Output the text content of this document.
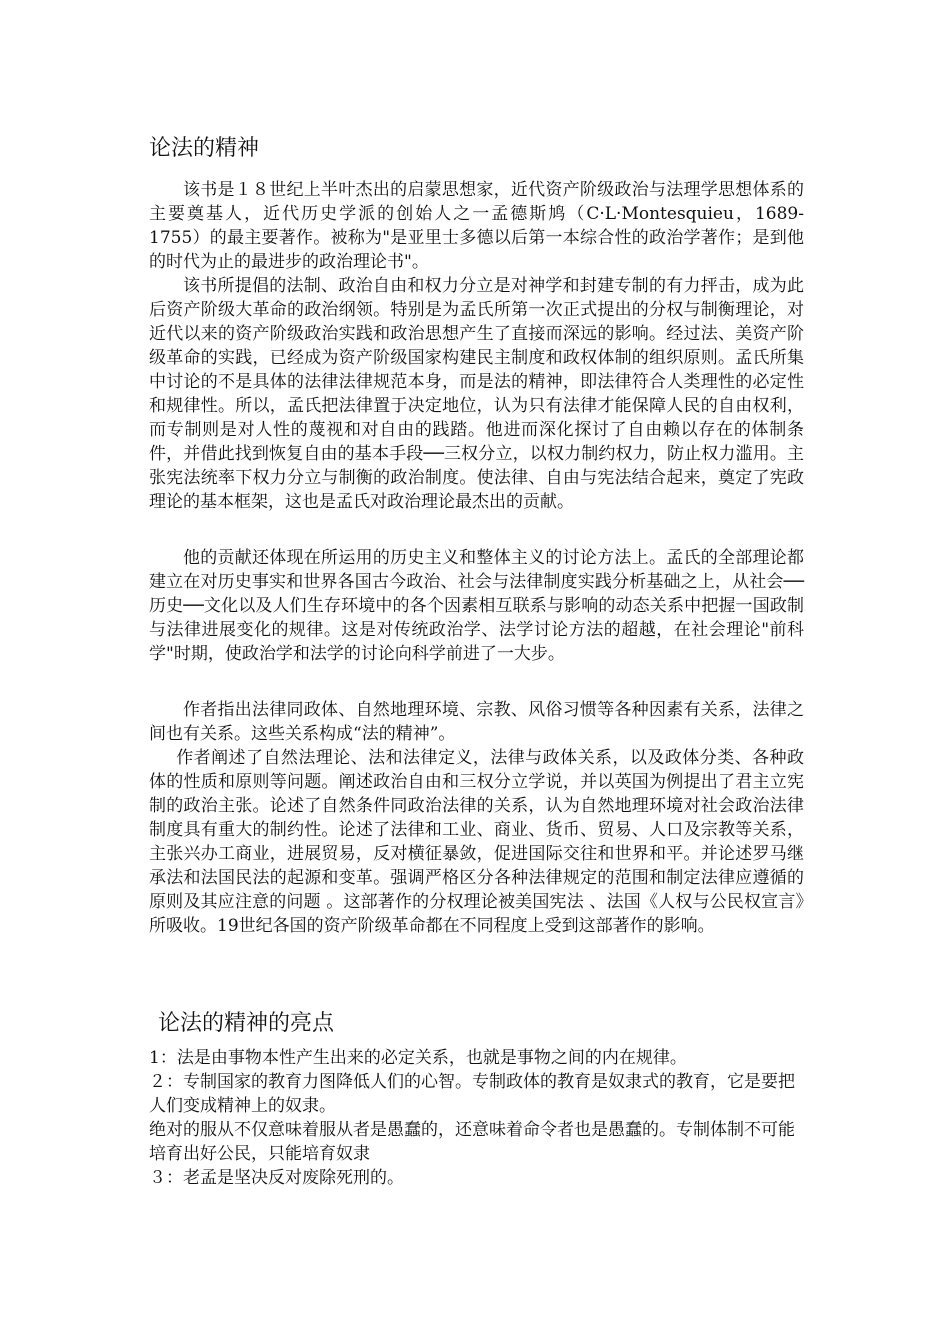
论法的精神

该书是１８世纪上半叶杰出的启蒙思想家，近代资产阶级政治与法理学思想体系的主要奠基人，近代历史学派的创始人之一孟德斯鸠（C·L·Montesquieu，1689-1755）的最主要著作。被称为"是亚里士多德以后第一本综合性的政治学著作；是到他的时代为止的最进步的政治理论书"。

该书所提倡的法制、政治自由和权力分立是对神学和封建专制的有力抨击，成为此后资产阶级大革命的政治纲领。特别是为孟氏所第一次正式提出的分权与制衡理论，对近代以来的资产阶级政治实践和政治思想产生了直接而深远的影响。经过法、美资产阶级革命的实践，已经成为资产阶级国家构建民主制度和政权体制的组织原则。孟氏所集中讨论的不是具体的法律法律规范本身，而是法的精神，即法律符合人类理性的必定性和规律性。所以，孟氏把法律置于决定地位，认为只有法律才能保障人民的自由权利，而专制则是对人性的蔑视和对自由的践踏。他进而深化探讨了自由赖以存在的体制条件，并借此找到恢复自由的基本手段──三权分立，以权力制约权力，防止权力滥用。主张宪法统率下权力分立与制衡的政治制度。使法律、自由与宪法结合起来，奠定了宪政理论的基本框架，这也是孟氏对政治理论最杰出的贡献。

他的贡献还体现在所运用的历史主义和整体主义的讨论方法上。孟氏的全部理论都建立在对历史事实和世界各国古今政治、社会与法律制度实践分析基础之上，从社会──历史──文化以及人们生存环境中的各个因素相互联系与影响的动态关系中把握一国政制与法律进展变化的规律。这是对传统政治学、法学讨论方法的超越，在社会理论"前科学"时期，使政治学和法学的讨论向科学前进了一大步。

作者指出法律同政体、自然地理环境、宗教、风俗习惯等各种因素有关系，法律之间也有关系。这些关系构成“法的精神”。

作者阐述了自然法理论、法和法律定义，法律与政体关系，以及政体分类、各种政体的性质和原则等问题。阐述政治自由和三权分立学说，并以英国为例提出了君主立宪制的政治主张。论述了自然条件同政治法律的关系，认为自然地理环境对社会政治法律制度具有重大的制约性。论述了法律和工业、商业、货币、贸易、人口及宗教等关系，主张兴办工商业，进展贸易，反对横征暴敛，促进国际交往和世界和平。并论述罗马继承法和法国民法的起源和变革。强调严格区分各种法律规定的范围和制定法律应遵循的原则及其应注意的问题 。这部著作的分权理论被美国宪法 、法国《人权与公民权宣言》所吸收。19世纪各国的资产阶级革命都在不同程度上受到这部著作的影响。

论法的精神的亮点

1：法是由事物本性产生出来的必定关系，也就是事物之间的内在规律。

２：专制国家的教育力图降低人们的心智。专制政体的教育是奴隶式的教育，它是要把人们变成精神上的奴隶。

绝对的服从不仅意味着服从者是愚蠢的，还意味着命令者也是愚蠢的。专制体制不可能培育出好公民，只能培育奴隶

３：老孟是坚决反对废除死刑的。
